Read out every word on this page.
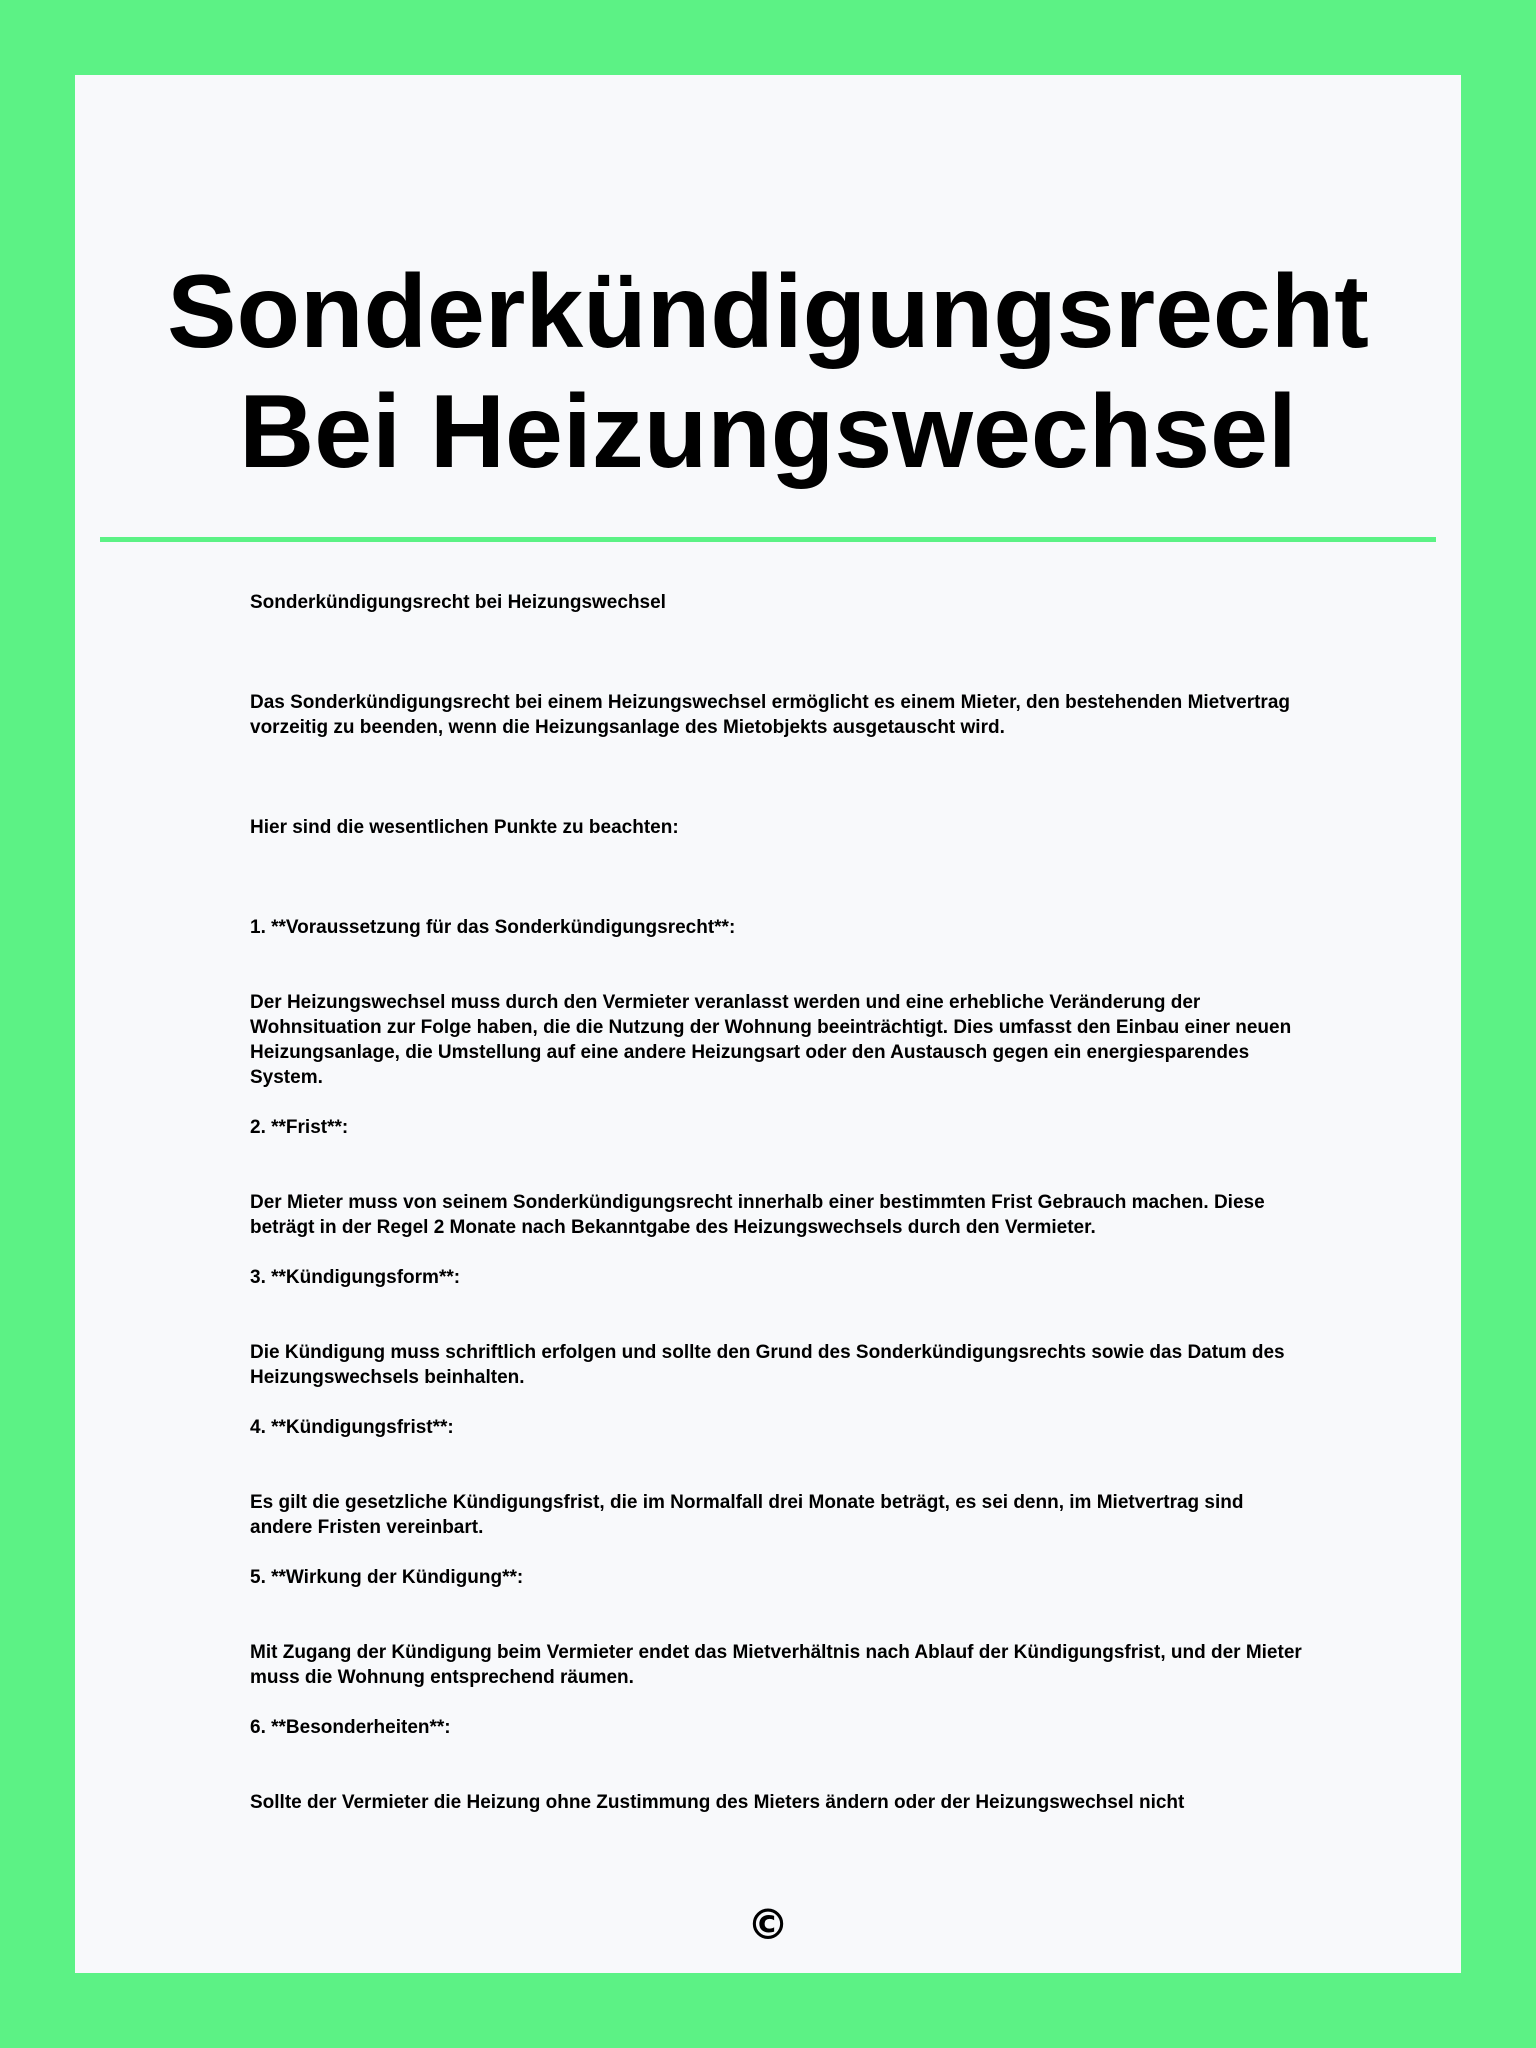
Sonderkündigungsrecht Bei Heizungswechsel

Sonderkündigungsrecht bei Heizungswechsel

Das Sonderkündigungsrecht bei einem Heizungswechsel ermöglicht es einem Mieter, den bestehenden Mietvertrag vorzeitig zu beenden, wenn die Heizungsanlage des Mietobjekts ausgetauscht wird.

Hier sind die wesentlichen Punkte zu beachten:

1. **Voraussetzung für das Sonderkündigungsrecht**:

Der Heizungswechsel muss durch den Vermieter veranlasst werden und eine erhebliche Veränderung der Wohnsituation zur Folge haben, die die Nutzung der Wohnung beeinträchtigt. Dies umfasst den Einbau einer neuen Heizungsanlage, die Umstellung auf eine andere Heizungsart oder den Austausch gegen ein energiesparendes System.

2. **Frist**:

Der Mieter muss von seinem Sonderkündigungsrecht innerhalb einer bestimmten Frist Gebrauch machen. Diese beträgt in der Regel 2 Monate nach Bekanntgabe des Heizungswechsels durch den Vermieter.

3. **Kündigungsform**:

Die Kündigung muss schriftlich erfolgen und sollte den Grund des Sonderkündigungsrechts sowie das Datum des Heizungswechsels beinhalten.

4. **Kündigungsfrist**:

Es gilt die gesetzliche Kündigungsfrist, die im Normalfall drei Monate beträgt, es sei denn, im Mietvertrag sind andere Fristen vereinbart.

5. **Wirkung der Kündigung**:

Mit Zugang der Kündigung beim Vermieter endet das Mietverhältnis nach Ablauf der Kündigungsfrist, und der Mieter muss die Wohnung entsprechend räumen.

6. **Besonderheiten**:

Sollte der Vermieter die Heizung ohne Zustimmung des Mieters ändern oder der Heizungswechsel nicht

©
